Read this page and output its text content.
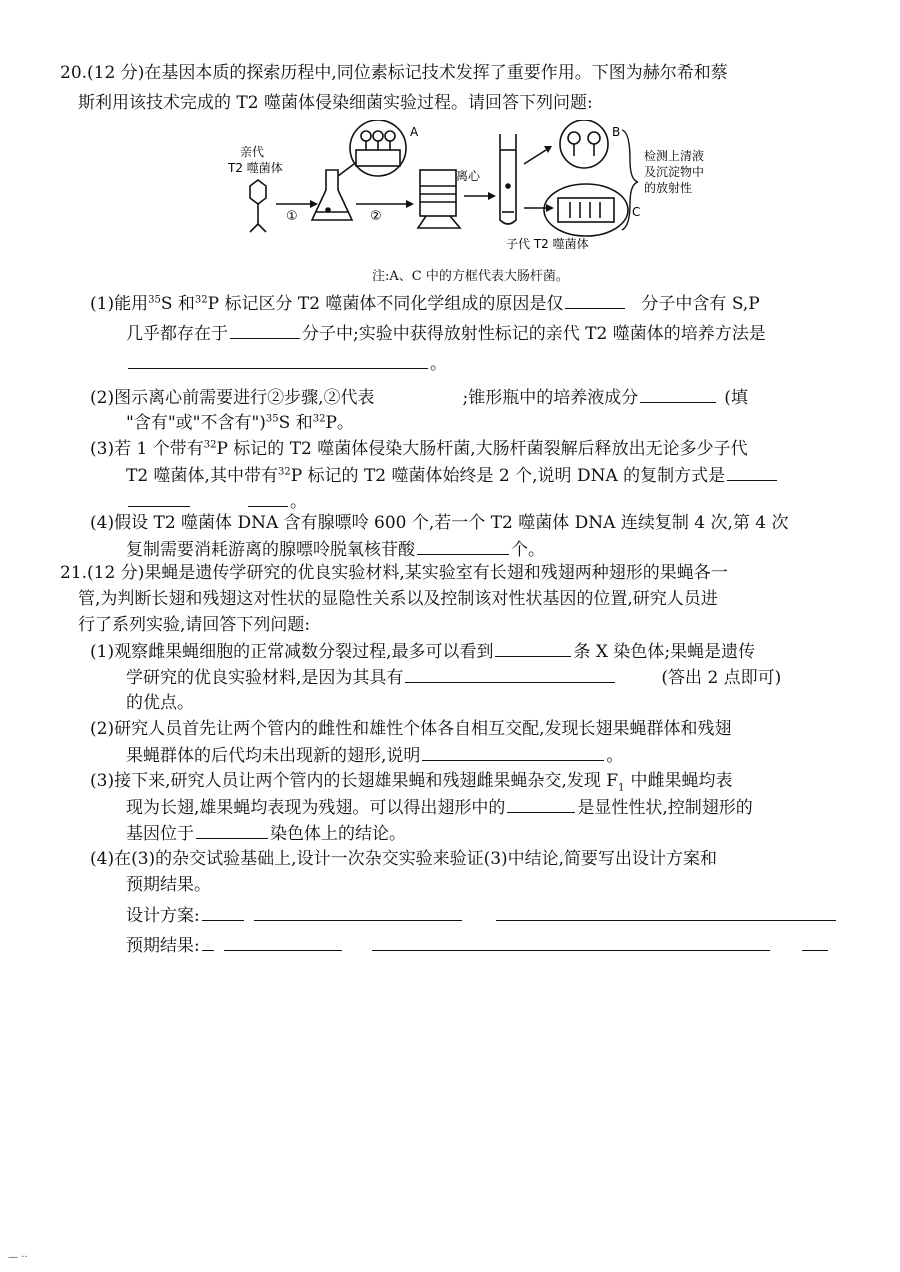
20.(12 分)在基因本质的探索历程中,同位素标记技术发挥了重要作用。下图为赫尔希和蔡
斯利用该技术完成的 T2 噬菌体侵染细菌实验过程。请回答下列问题:
亲代
T2 噬菌体
①
A
②
离心
B
C
检测上清液
及沉淀物中
的放射性
子代 T2 噬菌体
注:A、C 中的方框代表大肠杆菌。
(1)能用$^{35}$S 和$^{32}$P 标记区分 T2 噬菌体不同化学组成的原因是仅	分子中含有 S,P
几乎都存在于	分子中;实验中获得放射性标记的亲代 T2 噬菌体的培养方法是
。
(2)图示离心前需要进行②步骤,②代表	;锥形瓶中的培养液成分	(填
"含有"或"不含有")$^{35}$S 和$^{32}$P。
(3)若 1 个带有$^{32}$P 标记的 T2 噬菌体侵染大肠杆菌,大肠杆菌裂解后释放出无论多少子代
T2 噬菌体,其中带有$^{32}$P 标记的 T2 噬菌体始终是 2 个,说明 DNA 的复制方式是
。
(4)假设 T2 噬菌体 DNA 含有腺嘌呤 600 个,若一个 T2 噬菌体 DNA 连续复制 4 次,第 4 次
复制需要消耗游离的腺嘌呤脱氧核苷酸	个。
21.(12 分)果蝇是遗传学研究的优良实验材料,某实验室有长翅和残翅两种翅形的果蝇各一
管,为判断长翅和残翅这对性状的显隐性关系以及控制该对性状基因的位置,研究人员进
行了系列实验,请回答下列问题:
(1)观察雌果蝇细胞的正常减数分裂过程,最多可以看到	条 X 染色体;果蝇是遗传
学研究的优良实验材料,是因为其具有	(答出 2 点即可)
的优点。
(2)研究人员首先让两个管内的雌性和雄性个体各自相互交配,发现长翅果蝇群体和残翅
果蝇群体的后代均未出现新的翅形,说明	。
(3)接下来,研究人员让两个管内的长翅雄果蝇和残翅雌果蝇杂交,发现 $F_1$ 中雌果蝇均表
现为长翅,雄果蝇均表现为残翅。可以得出翅形中的	是显性性状,控制翅形的
基因位于	染色体上的结论。
(4)在(3)的杂交试验基础上,设计一次杂交实验来验证(3)中结论,简要写出设计方案和
预期结果。
设计方案:
预期结果:
— ··
